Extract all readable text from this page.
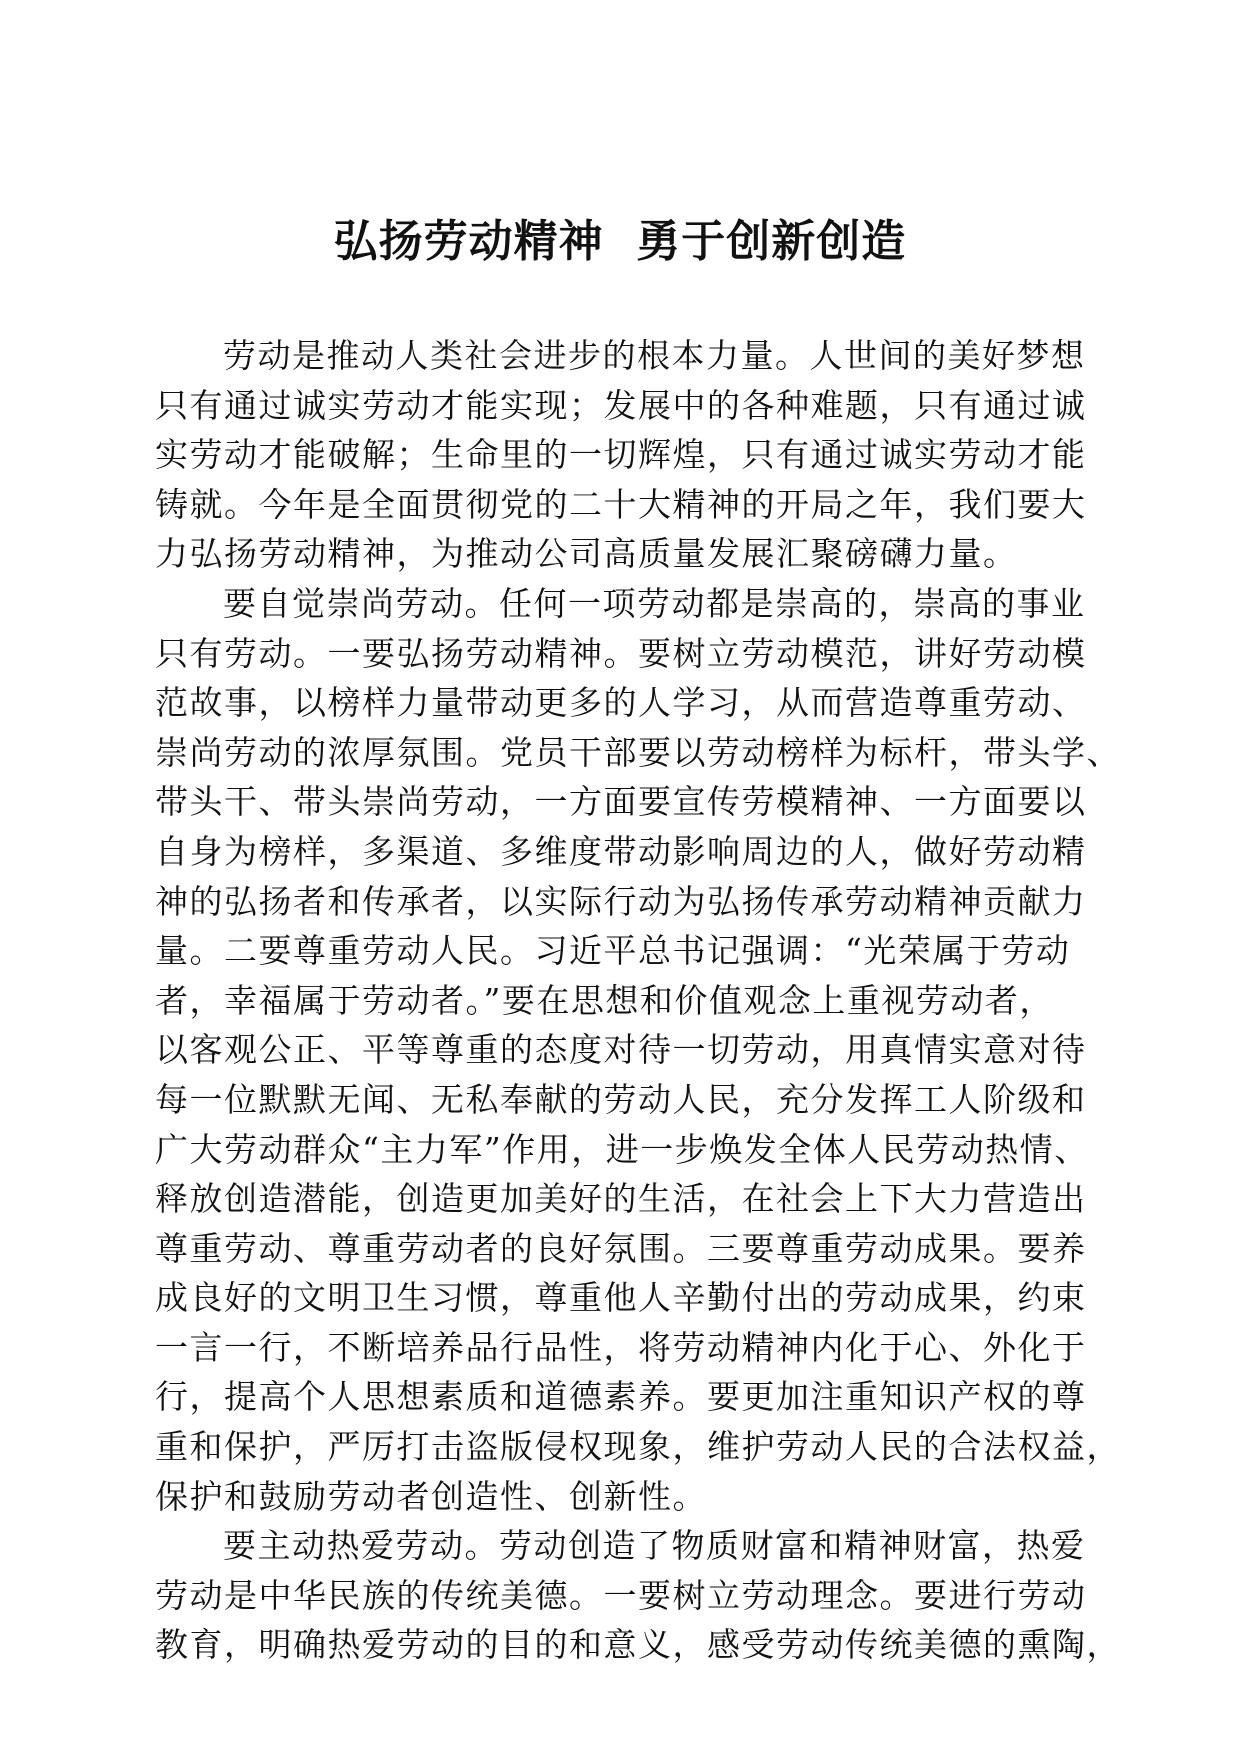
弘扬劳动精神  勇于创新创造
劳动是推动人类社会进步的根本力量。人世间的美好梦想
只有通过诚实劳动才能实现；发展中的各种难题，只有通过诚
实劳动才能破解；生命里的一切辉煌，只有通过诚实劳动才能
铸就。今年是全面贯彻党的二十大精神的开局之年，我们要大
力弘扬劳动精神，为推动公司高质量发展汇聚磅礴力量。
要自觉崇尚劳动。任何一项劳动都是崇高的，崇高的事业
只有劳动。一要弘扬劳动精神。要树立劳动模范，讲好劳动模
范故事，以榜样力量带动更多的人学习，从而营造尊重劳动、
崇尚劳动的浓厚氛围。党员干部要以劳动榜样为标杆，带头学、
带头干、带头崇尚劳动，一方面要宣传劳模精神、一方面要以
自身为榜样，多渠道、多维度带动影响周边的人，做好劳动精
神的弘扬者和传承者，以实际行动为弘扬传承劳动精神贡献力
量。二要尊重劳动人民。习近平总书记强调：“光荣属于劳动
者，幸福属于劳动者。”要在思想和价值观念上重视劳动者，
以客观公正、平等尊重的态度对待一切劳动，用真情实意对待
每一位默默无闻、无私奉献的劳动人民，充分发挥工人阶级和
广大劳动群众“主力军”作用，进一步焕发全体人民劳动热情、
释放创造潜能，创造更加美好的生活，在社会上下大力营造出
尊重劳动、尊重劳动者的良好氛围。三要尊重劳动成果。要养
成良好的文明卫生习惯，尊重他人辛勤付出的劳动成果，约束
一言一行，不断培养品行品性，将劳动精神内化于心、外化于
行，提高个人思想素质和道德素养。要更加注重知识产权的尊
重和保护，严厉打击盗版侵权现象，维护劳动人民的合法权益，
保护和鼓励劳动者创造性、创新性。
要主动热爱劳动。劳动创造了物质财富和精神财富，热爱
劳动是中华民族的传统美德。一要树立劳动理念。要进行劳动
教育，明确热爱劳动的目的和意义，感受劳动传统美德的熏陶，
